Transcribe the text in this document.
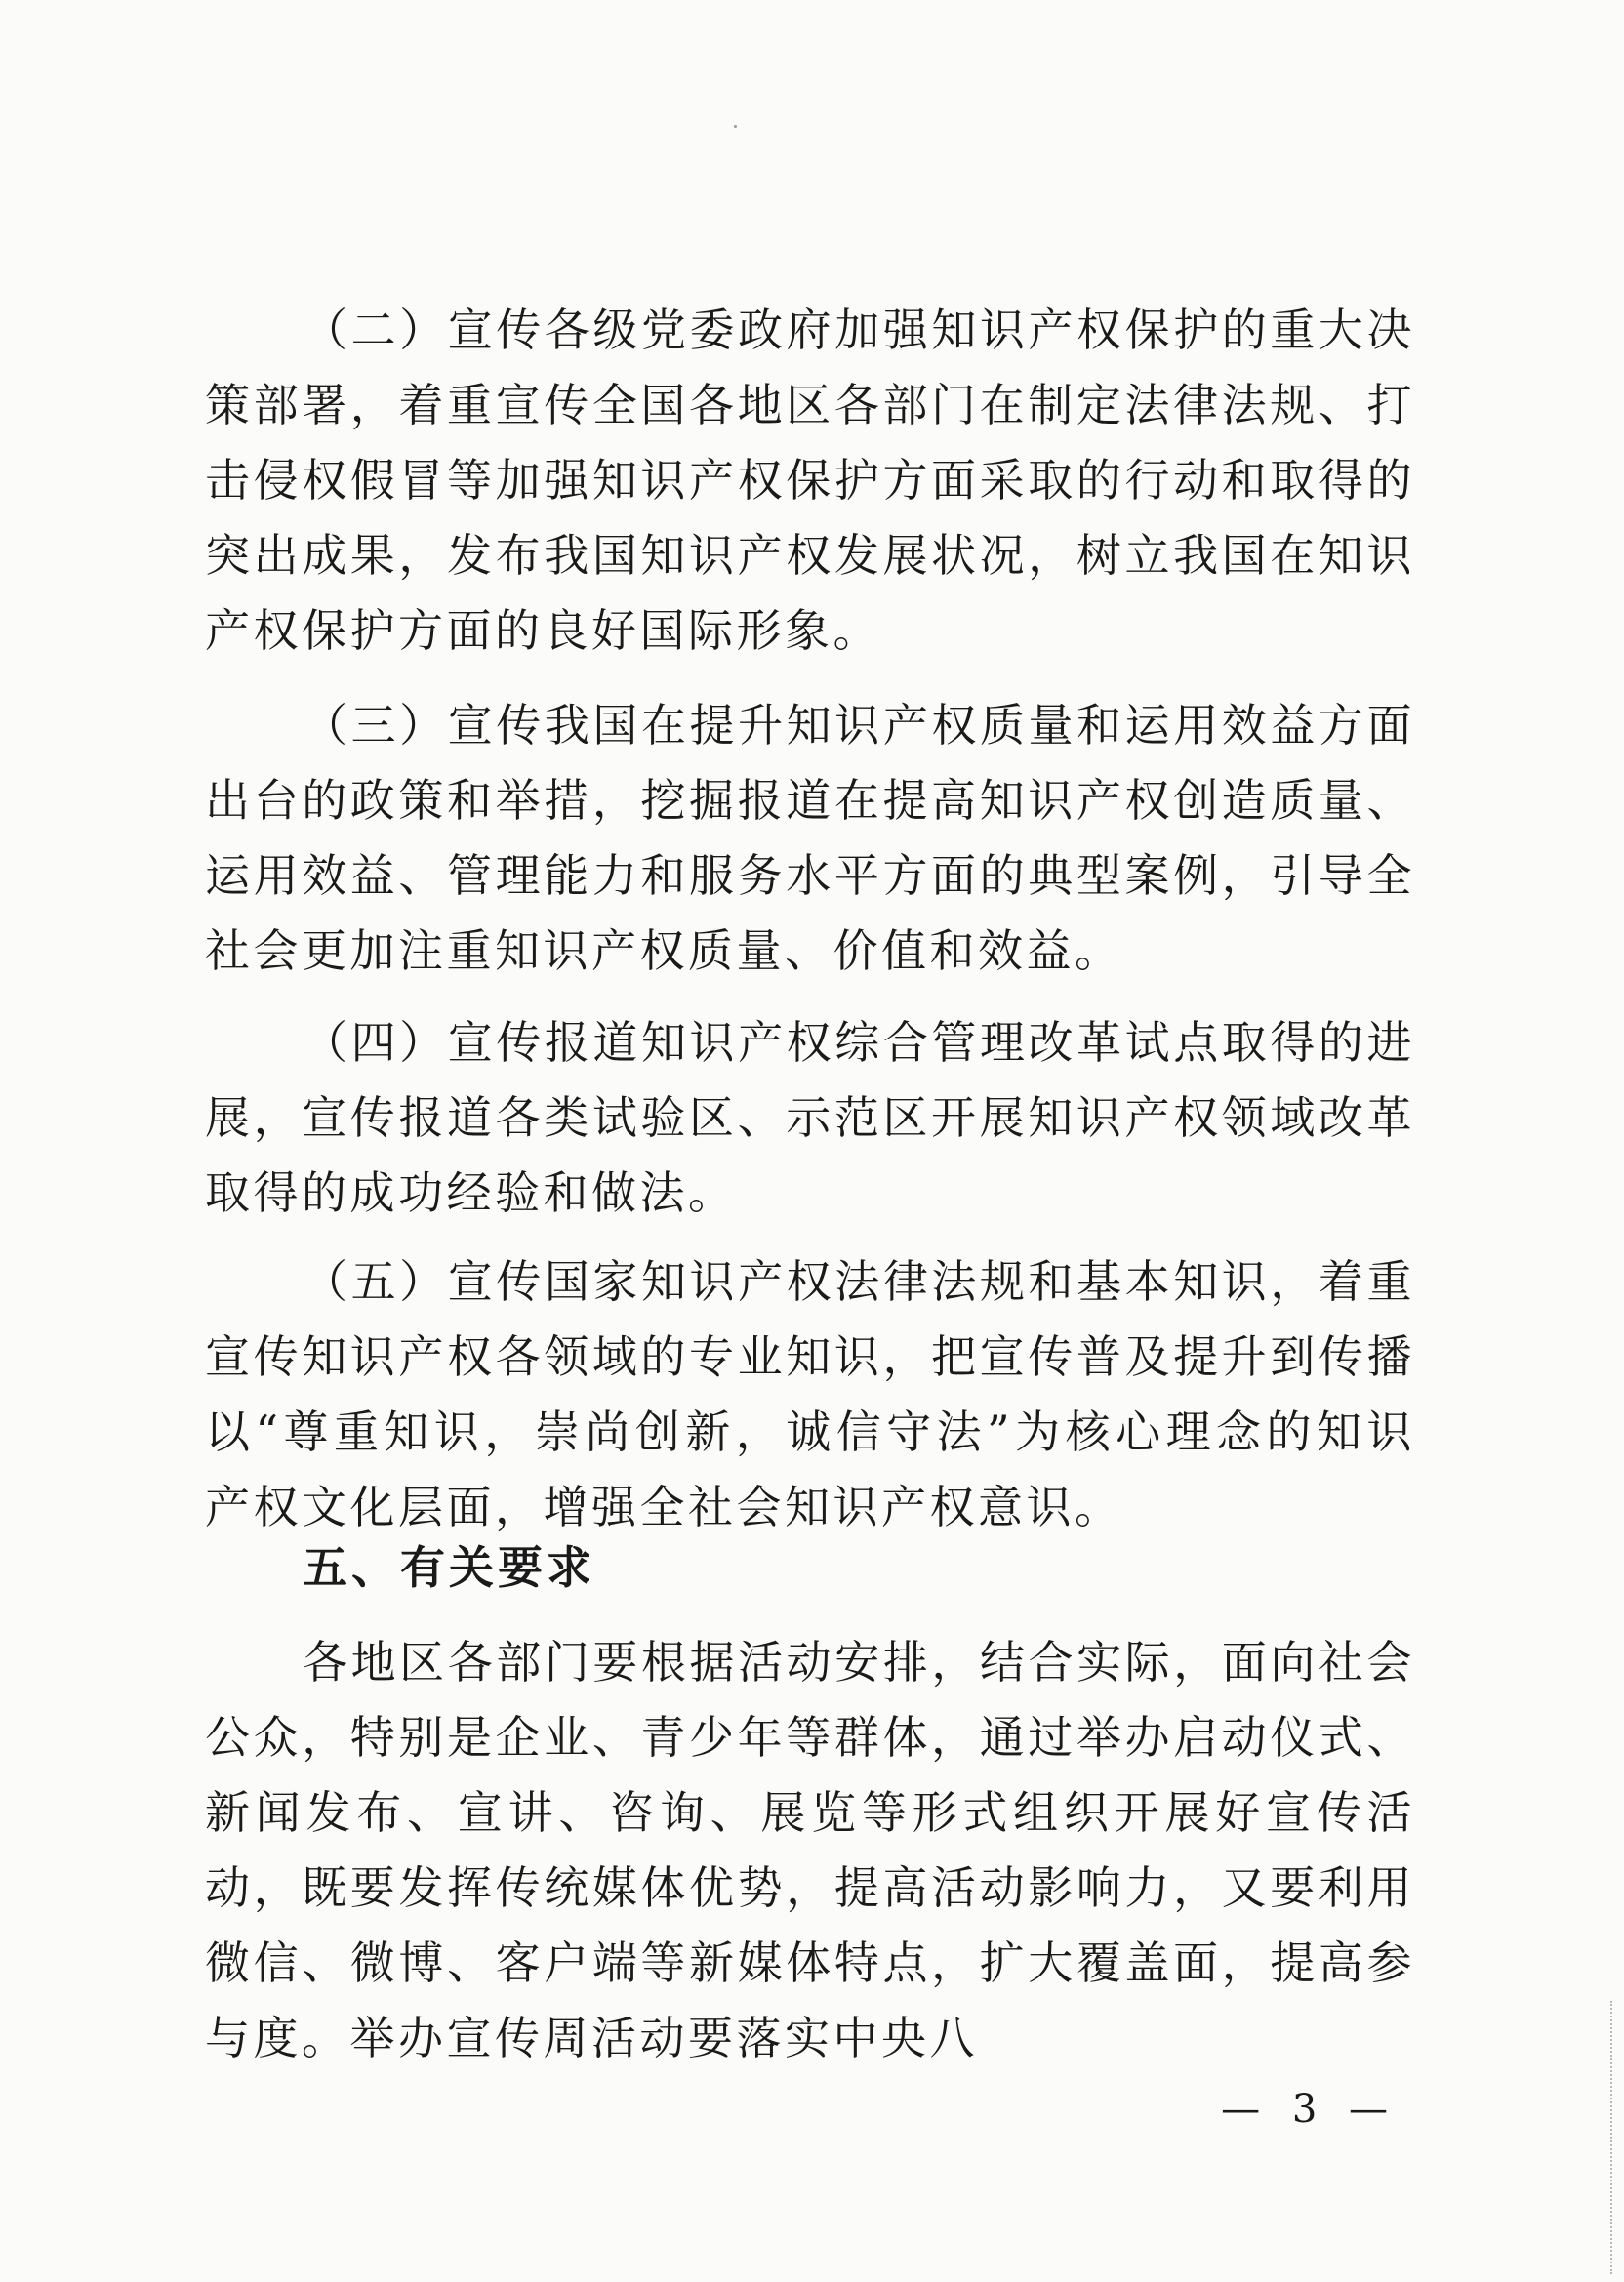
（二）宣传各级党委政府加强知识产权保护的重大决策部署，着重宣传全国各地区各部门在制定法律法规、打击侵权假冒等加强知识产权保护方面采取的行动和取得的突出成果，发布我国知识产权发展状况，树立我国在知识产权保护方面的良好国际形象。

（三）宣传我国在提升知识产权质量和运用效益方面出台的政策和举措，挖掘报道在提高知识产权创造质量、运用效益、管理能力和服务水平方面的典型案例，引导全社会更加注重知识产权质量、价值和效益。

（四）宣传报道知识产权综合管理改革试点取得的进展，宣传报道各类试验区、示范区开展知识产权领域改革取得的成功经验和做法。

（五）宣传国家知识产权法律法规和基本知识，着重宣传知识产权各领域的专业知识，把宣传普及提升到传播以“尊重知识，崇尚创新，诚信守法”为核心理念的知识产权文化层面，增强全社会知识产权意识。

五、有关要求

各地区各部门要根据活动安排，结合实际，面向社会公众，特别是企业、青少年等群体，通过举办启动仪式、新闻发布、宣讲、咨询、展览等形式组织开展好宣传活动，既要发挥传统媒体优势，提高活动影响力，又要利用微信、微博、客户端等新媒体特点，扩大覆盖面，提高参与度。举办宣传周活动要落实中央八

— 3 —
